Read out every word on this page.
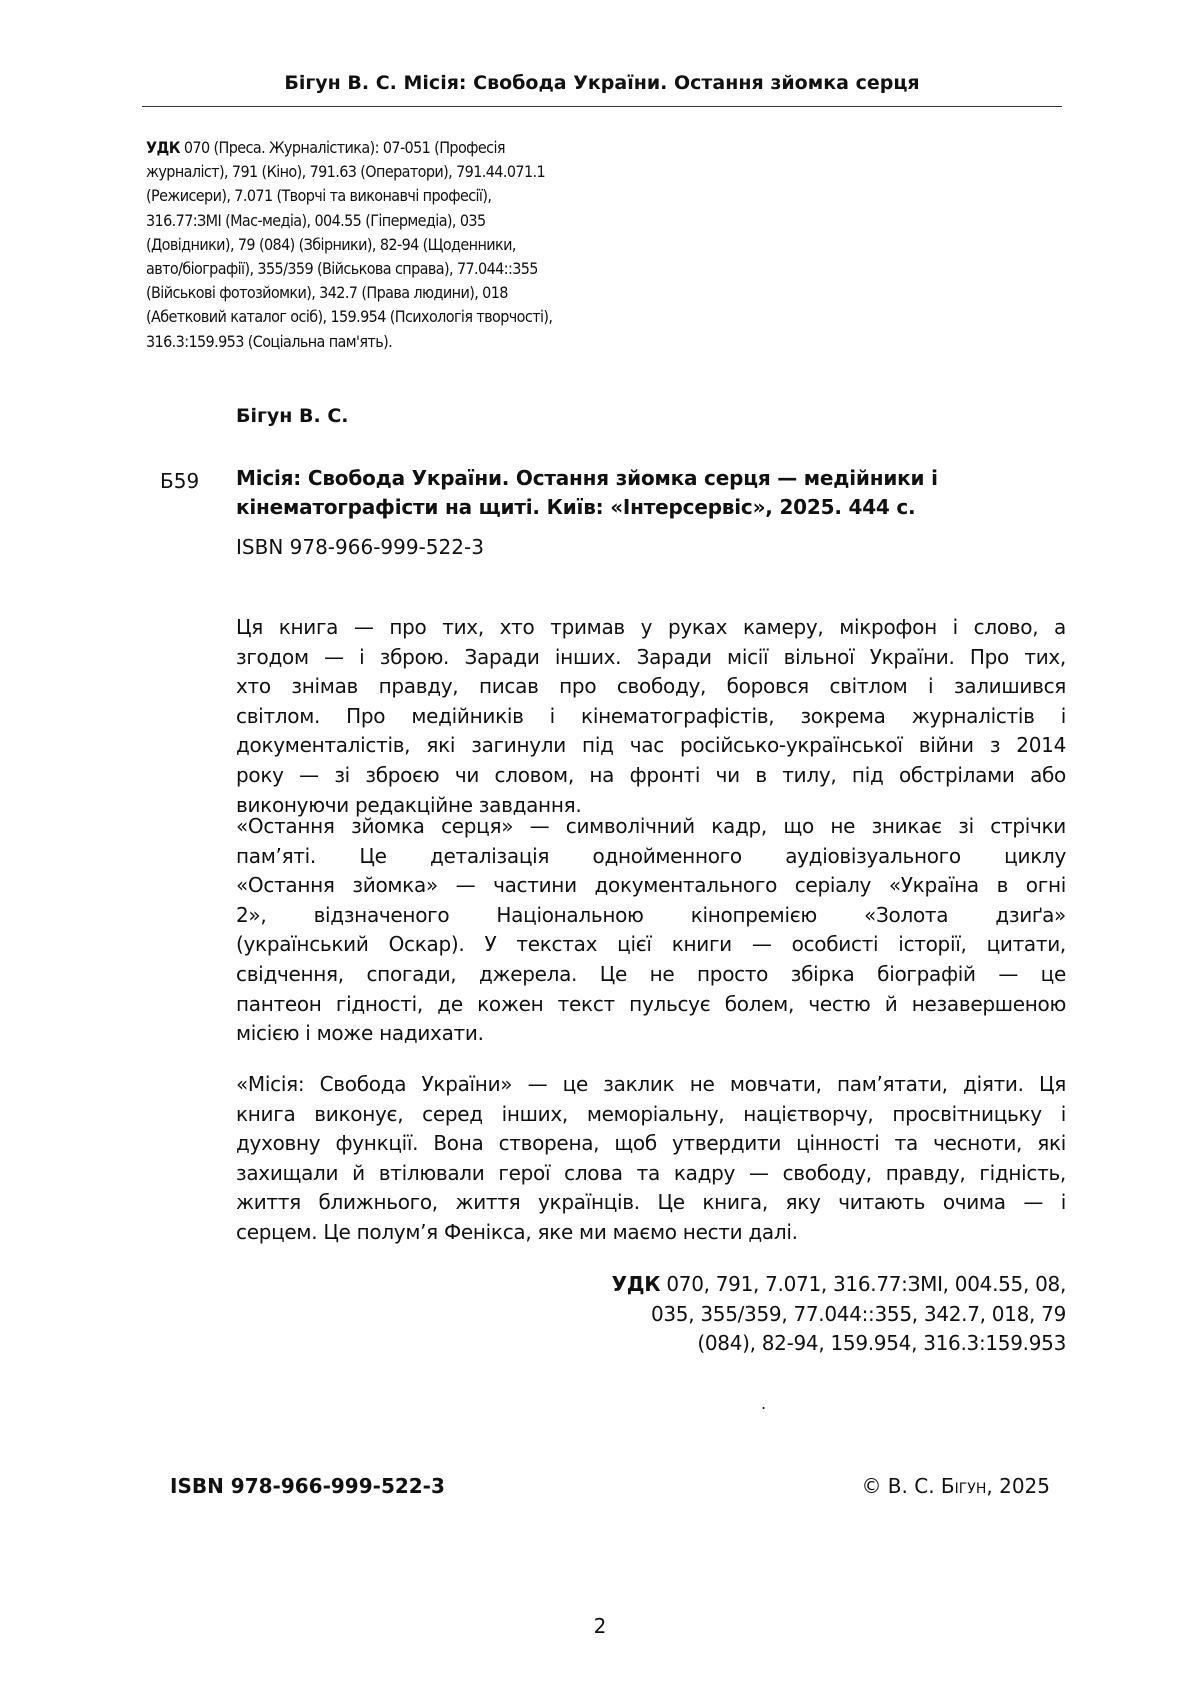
Бігун В. С. Місія: Свобода України. Остання зйомка серця
УДК 070 (Преса. Журналістика): 07-051 (Професія
журналіст), 791 (Кіно), 791.63 (Оператори), 791.44.071.1
(Режисери), 7.071 (Творчі та виконавчі професії),
316.77:ЗМІ (Мас-медіа), 004.55 (Гіпермедіа), 035
(Довідники), 79 (084) (Збірники), 82-94 (Щоденники,
авто/біографії), 355/359 (Військова справа), 77.044::355
(Військові фотозйомки), 342.7 (Права людини), 018
(Абетковий каталог осіб), 159.954 (Психологія творчості),
316.3:159.953 (Соціальна пам'ять).
Бігун В. С.
Б59 Місія: Свобода України. Остання зйомка серця — медійники і
кінематографісти на щиті. Київ: «Інтерсервіс», 2025. 444 с.
ISBN 978-966-999-522-3
Ця книга — про тих, хто тримав у руках камеру, мікрофон і слово, а
згодом — і зброю. Заради інших. Заради місії вільної України. Про тих,
хто знімав правду, писав про свободу, боровся світлом і залишився
світлом. Про медійників і кінематографістів, зокрема журналістів і
документалістів, які загинули під час російсько-української війни з 2014
року — зі зброєю чи словом, на фронті чи в тилу, під обстрілами або
виконуючи редакційне завдання.
«Остання зйомка серця» — символічний кадр, що не зникає зі стрічки
пам’яті. Це деталізація однойменного аудіовізуального циклу
«Остання зйомка» — частини документального серіалу «Україна в огні
2», відзначеного Національною кінопремією «Золота дзиґа»
(український Оскар). У текстах цієї книги — особисті історії, цитати,
свідчення, спогади, джерела. Це не просто збірка біографій — це
пантеон гідності, де кожен текст пульсує болем, честю й незавершеною
місією і може надихати.
«Місія: Свобода України» — це заклик не мовчати, пам’ятати, діяти. Ця
книга виконує, серед інших, меморіальну, націєтворчу, просвітницьку і
духовну функції. Вона створена, щоб утвердити цінності та чесноти, які
захищали й втілювали герої слова та кадру — свободу, правду, гідність,
життя ближнього, життя українців. Це книга, яку читають очима — і
серцем. Це полум’я Фенікса, яке ми маємо нести далі.
УДК 070, 791, 7.071, 316.77:ЗМІ, 004.55, 08,
035, 355/359, 77.044::355, 342.7, 018, 79
(084), 82-94, 159.954, 316.3:159.953
.
ISBN 978-966-999-522-3	© В. С. Бігун, 2025
2
